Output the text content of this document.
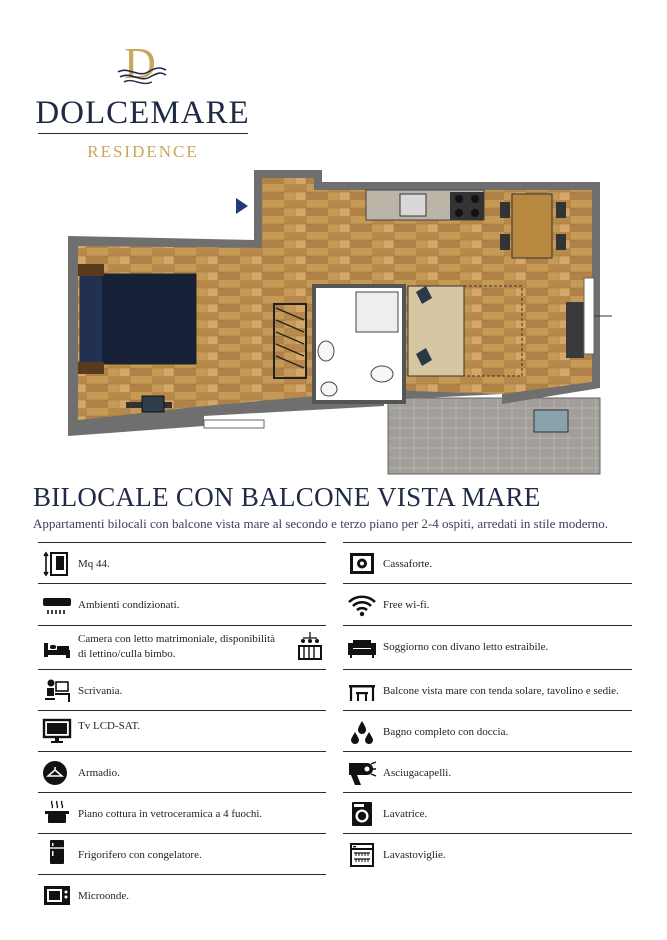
D
DOLCEMARE
RESIDENCE
BILOCALE CON BALCONE VISTA MARE
Appartamenti bilocali con balcone vista mare al secondo e terzo piano per 2-4 ospiti, arredati in stile moderno.
Mq 44.
Ambienti condizionati.
Camera con letto matrimoniale, disponibilità
di lettino/culla bimbo.
Scrivania.
Tv LCD-SAT.
Armadio.
Piano cottura in vetroceramica a 4 fuochi.
Frigorifero con congelatore.
Microonde.
Cassaforte.
Free wi-fi.
Soggiorno con divano letto estraibile.
Balcone vista mare con tenda solare, tavolino e sedie.
Bagno completo con doccia.
Asciugacapelli.
Lavatrice.
Lavastoviglie.
